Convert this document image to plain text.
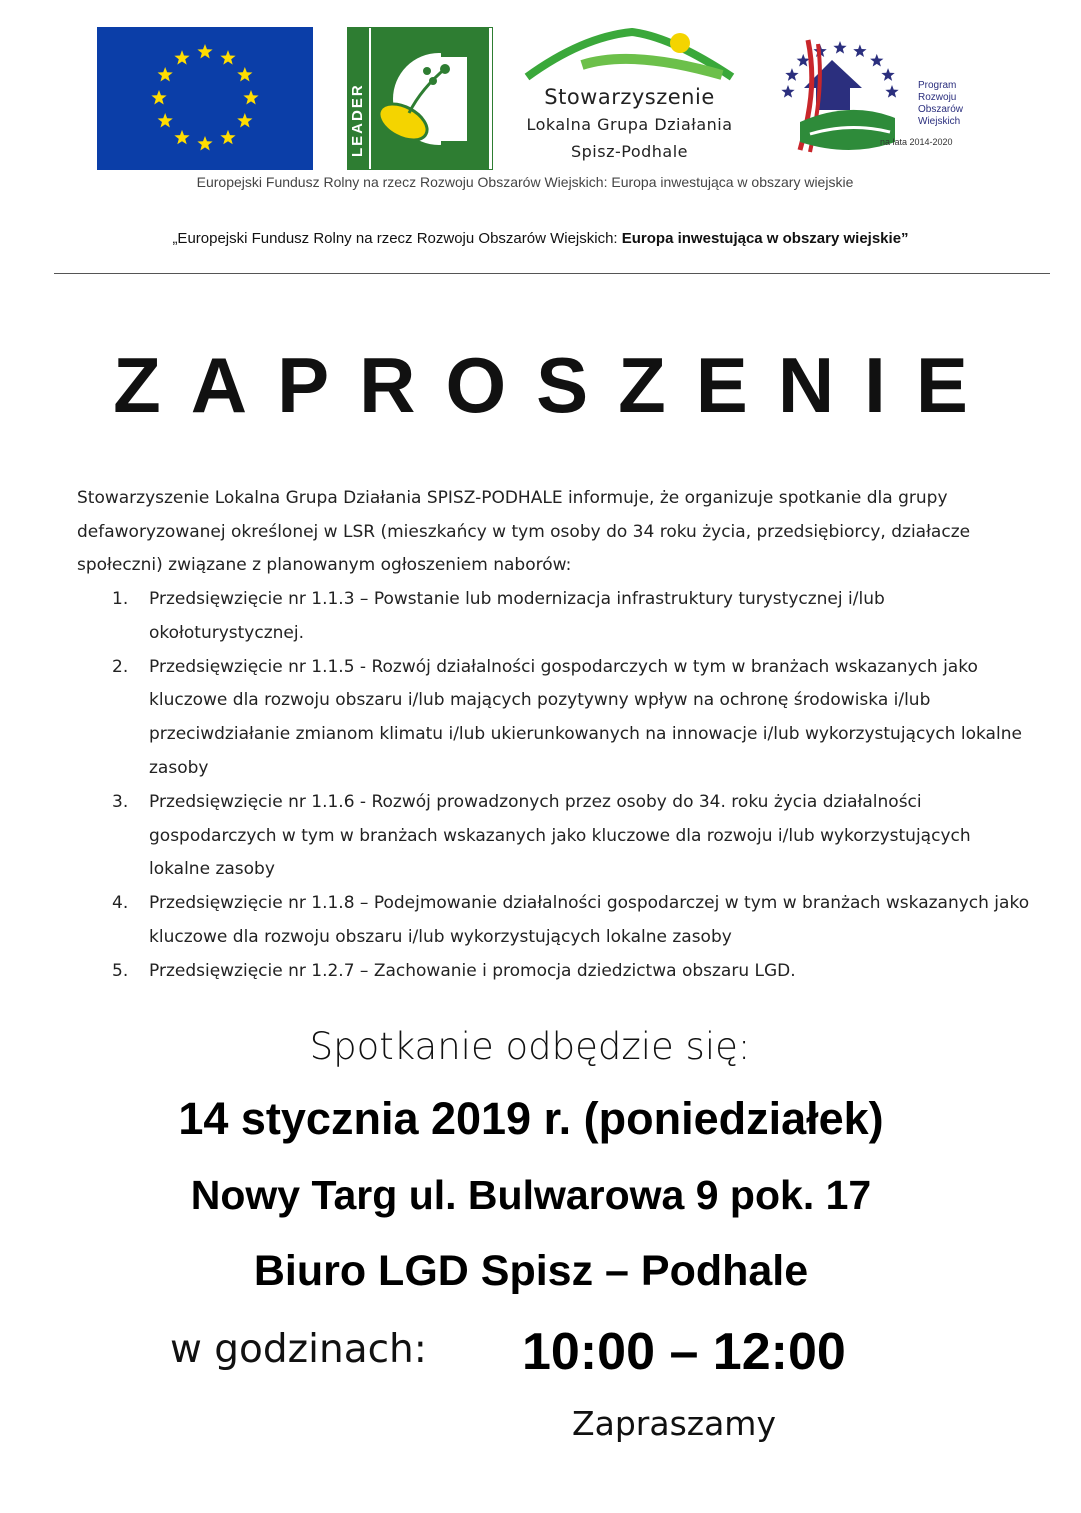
LEADER	Stowarzyszenie
Lokalna Grupa Działania
Spisz-Podhale
Program
Rozwoju
Obszarów
Wiejskich
na lata 2014-2020
Europejski Fundusz Rolny na rzecz Rozwoju Obszarów Wiejskich: Europa inwestująca w obszary wiejskie
„Europejski Fundusz Rolny na rzecz Rozwoju Obszarów Wiejskich: Europa inwestująca w obszary wiejskie”
ZAPROSZENIE
Stowarzyszenie Lokalna Grupa Działania SPISZ-PODHALE informuje, że organizuje spotkanie dla grupy defaworyzowanej określonej w LSR (mieszkańcy w tym osoby do 34 roku życia, przedsiębiorcy, działacze społeczni) związane z planowanym ogłoszeniem naborów:
1. Przedsięwzięcie nr 1.1.3 – Powstanie lub modernizacja infrastruktury turystycznej i/lub okołoturystycznej.
2. Przedsięwzięcie nr 1.1.5 - Rozwój działalności gospodarczych w tym w branżach wskazanych jako kluczowe dla rozwoju obszaru i/lub mających pozytywny wpływ na ochronę środowiska i/lub przeciwdziałanie zmianom klimatu i/lub ukierunkowanych na innowacje i/lub wykorzystujących lokalne zasoby
3. Przedsięwzięcie nr 1.1.6 - Rozwój prowadzonych przez osoby do 34. roku życia działalności gospodarczych w tym w branżach wskazanych jako kluczowe dla rozwoju i/lub wykorzystujących lokalne zasoby
4. Przedsięwzięcie nr 1.1.8 – Podejmowanie działalności gospodarczej w tym w branżach wskazanych jako kluczowe dla rozwoju obszaru i/lub wykorzystujących lokalne zasoby
5. Przedsięwzięcie nr 1.2.7 – Zachowanie i promocja dziedzictwa obszaru LGD.
Spotkanie odbędzie się:
14 stycznia 2019 r. (poniedziałek)
Nowy Targ ul. Bulwarowa 9 pok. 17
Biuro LGD Spisz – Podhale
w godzinach: 10:00 – 12:00
Zapraszamy
